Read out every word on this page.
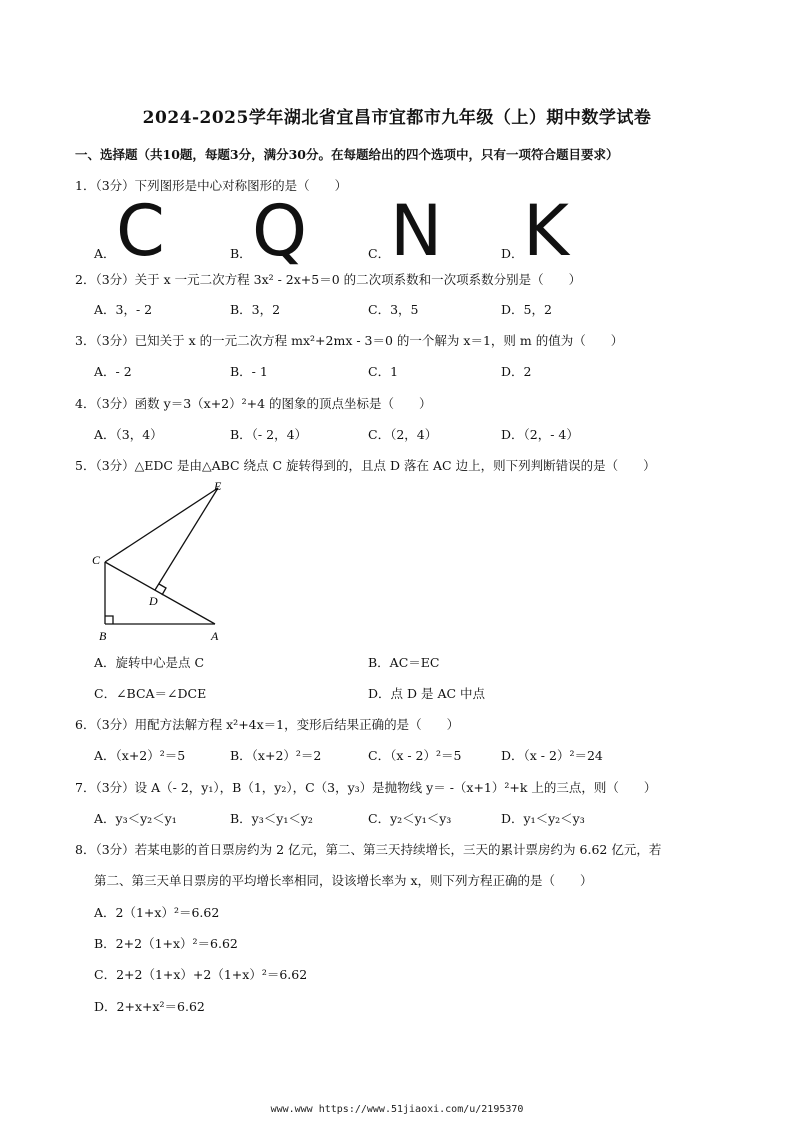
2024-2025学年湖北省宜昌市宜都市九年级（上）期中数学试卷
一、选择题（共10题，每题3分，满分30分。在每题给出的四个选项中，只有一项符合题目要求）
1．（3分）下列图形是中心对称图形的是（　　）
A． C	B． Q	C． N	D． K
2．（3分）关于 x 一元二次方程 3x² - 2x+5＝0 的二次项系数和一次项系数分别是（　　）
A．3，- 2	B．3，2	C．3，5	D．5，2
3．（3分）已知关于 x 的一元二次方程 mx²+2mx - 3＝0 的一个解为 x＝1，则 m 的值为（　　）
A．- 2	B．- 1	C．1	D．2
4．（3分）函数 y＝3（x+2）²+4 的图象的顶点坐标是（　　）
A．（3，4）	B．（- 2，4）	C．（2，4）	D．（2，- 4）
5．（3分）△EDC 是由△ABC 绕点 C 旋转得到的，且点 D 落在 AC 边上，则下列判断错误的是（　　）
E
C
D
B	A
A．旋转中心是点 C	B．AC＝EC
C．∠BCA＝∠DCE	D．点 D 是 AC 中点
6．（3分）用配方法解方程 x²+4x＝1，变形后结果正确的是（　　）
A．（x+2）²＝5	B．（x+2）²＝2	C．（x - 2）²＝5	D．（x - 2）²＝24
7．（3分）设 A（- 2，y₁），B（1，y₂），C（3，y₃）是抛物线 y＝ -（x+1）²+k 上的三点，则（　　）
A．y₃＜y₂＜y₁	B．y₃＜y₁＜y₂	C．y₂＜y₁＜y₃	D．y₁＜y₂＜y₃
8．（3分）若某电影的首日票房约为 2 亿元，第二、第三天持续增长，三天的累计票房约为 6.62 亿元，若
第二、第三天单日票房的平均增长率相同，设该增长率为 x，则下列方程正确的是（　　）
A．2（1+x）²＝6.62
B．2+2（1+x）²＝6.62
C．2+2（1+x）+2（1+x）²＝6.62
D．2+x+x²＝6.62
www.www https://www.51jiaoxi.com/u/2195370
